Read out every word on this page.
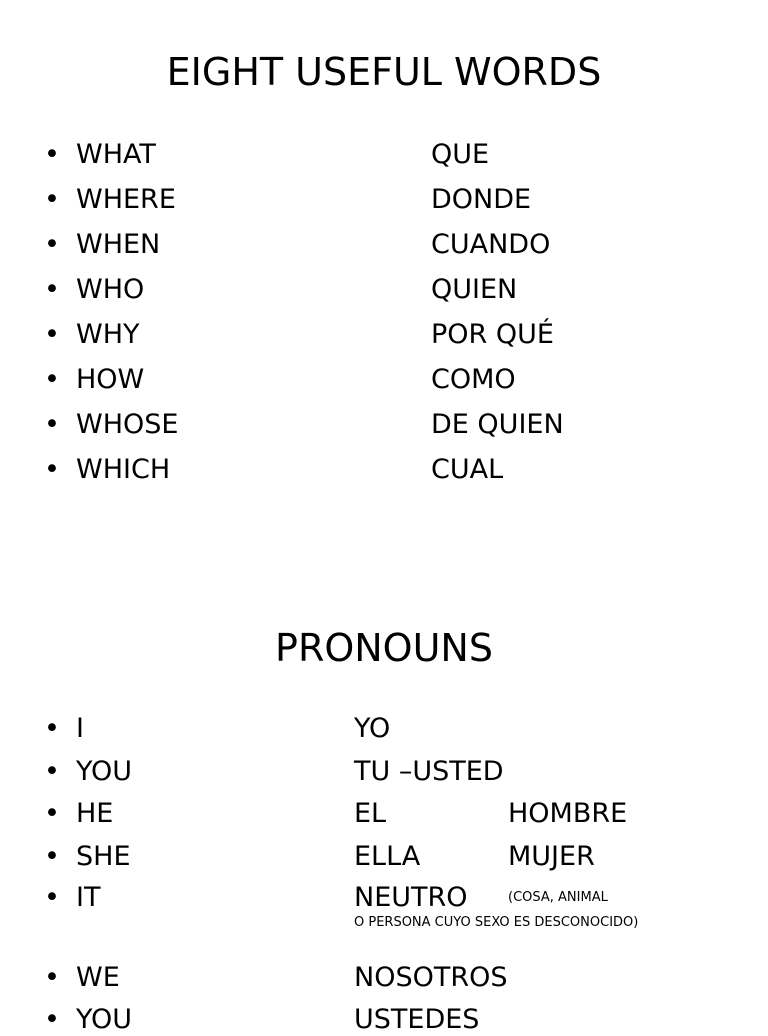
EIGHT USEFUL WORDS
• WHAT	QUE
• WHERE	DONDE
• WHEN	CUANDO
• WHO	QUIEN
• WHY	POR QUÉ
• HOW	COMO
• WHOSE	DE QUIEN
• WHICH	CUAL
PRONOUNS
• I	YO
• YOU	TU –USTED
• HE	EL	HOMBRE
• SHE	ELLA	MUJER
• IT	NEUTRO	(COSA, ANIMAL
O PERSONA CUYO SEXO ES DESCONOCIDO)
• WE	NOSOTROS
• YOU	USTEDES
